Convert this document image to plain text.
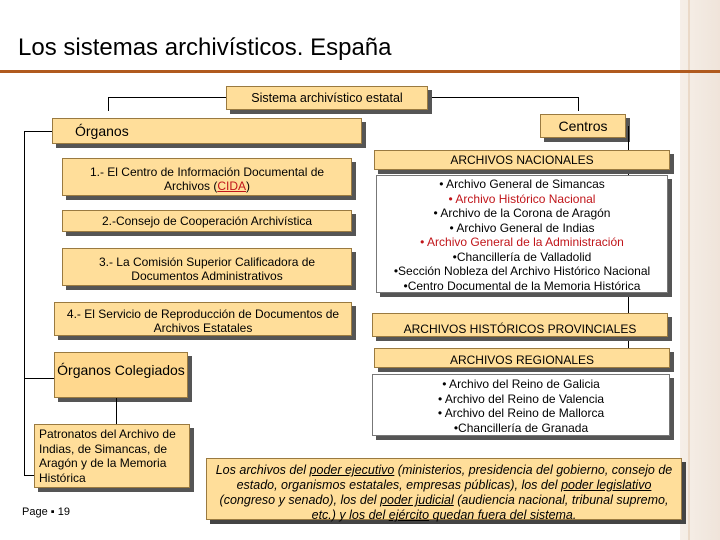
Los sistemas archivísticos. España
Sistema archivístico estatal
Órganos
1.- El Centro de Información Documental de Archivos (CIDA)
2.-Consejo de Cooperación Archivística
3.- La Comisión Superior Calificadora de Documentos Administrativos
4.- El Servicio de Reproducción de Documentos de Archivos Estatales
Órganos Colegiados
Patronatos del Archivo de Indias, de Simancas, de Aragón y de la Memoria Histórica
Centros
ARCHIVOS NACIONALES
• Archivo General de Simancas
• Archivo Histórico Nacional
• Archivo de la Corona de Aragón
• Archivo General de Indias
• Archivo General de la Administración
•Chancillería de Valladolid
•Sección Nobleza del Archivo Histórico Nacional
•Centro Documental de la Memoria Histórica
ARCHIVOS HISTÓRICOS PROVINCIALES
ARCHIVOS REGIONALES
• Archivo del Reino de Galicia
• Archivo del Reino de Valencia
• Archivo del Reino de Mallorca
•Chancillería de Granada
Los archivos del poder ejecutivo (ministerios, presidencia del gobierno, consejo de estado, organismos estatales, empresas públicas), los del poder legislativo (congreso y senado), los del poder judicial (audiencia nacional, tribunal supremo, etc.) y los del ejército quedan fuera del sistema.
Page ▪ 19
